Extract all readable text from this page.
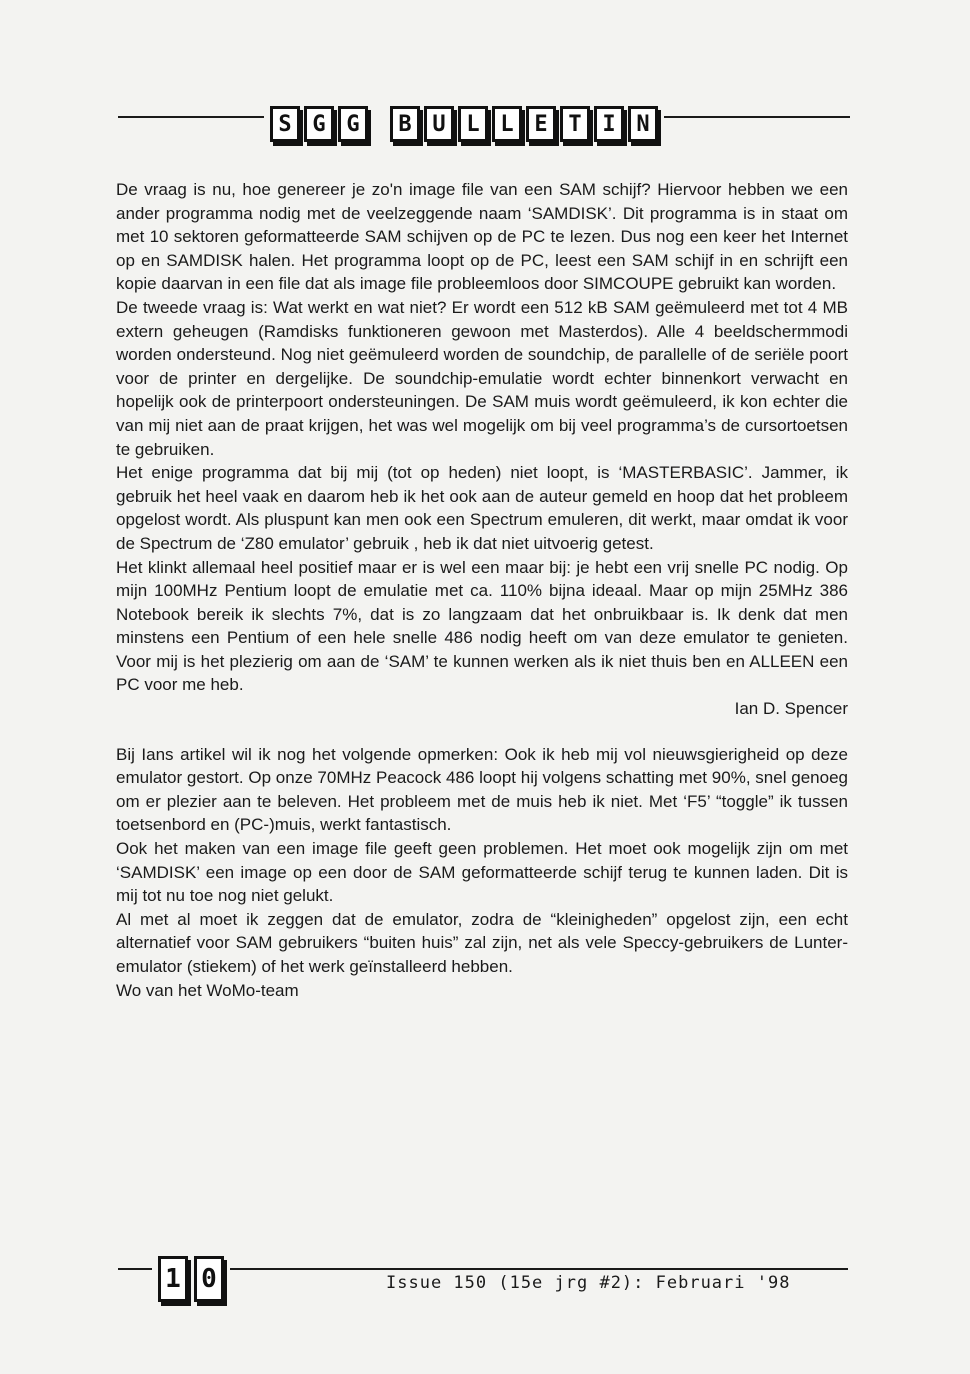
S G G	B U L L E T I N

De vraag is nu, hoe genereer je zo'n image file van een SAM schijf? Hiervoor hebben we een ander programma nodig met de veelzeggende naam ‘SAMDISK’. Dit programma is in staat om met 10 sektoren geformatteerde SAM schijven op de PC te lezen. Dus nog een keer het Internet op en SAMDISK halen. Het programma loopt op de PC, leest een SAM schijf in en schrijft een kopie daarvan in een file dat als image file probleemloos door SIMCOUPE gebruikt kan worden.

De tweede vraag is: Wat werkt en wat niet? Er wordt een 512 kB SAM geëmuleerd met tot 4 MB extern geheugen (Ramdisks funktioneren gewoon met Masterdos). Alle 4 beeldschermmodi worden ondersteund. Nog niet geëmuleerd worden de soundchip, de parallelle of de seriële poort voor de printer en dergelijke. De soundchip-emulatie wordt echter binnenkort verwacht en hopelijk ook de printerpoort ondersteuningen. De SAM muis wordt geëmuleerd, ik kon echter die van mij niet aan de praat krijgen, het was wel mogelijk om bij veel programma’s de cursortoetsen te gebruiken.

Het enige programma dat bij mij (tot op heden) niet loopt, is ‘MASTERBASIC’. Jammer, ik gebruik het heel vaak en daarom heb ik het ook aan de auteur gemeld en hoop dat het probleem opgelost wordt. Als pluspunt kan men ook een Spectrum emuleren, dit werkt, maar omdat ik voor de Spectrum de ‘Z80 emulator’ gebruik , heb ik dat niet uitvoerig getest.

Het klinkt allemaal heel positief maar er is wel een maar bij: je hebt een vrij snelle PC nodig. Op mijn 100MHz Pentium loopt de emulatie met ca. 110% bijna ideaal. Maar op mijn 25MHz 386 Notebook bereik ik slechts 7%, dat is zo langzaam dat het onbruikbaar is. Ik denk dat men minstens een Pentium of een hele snelle 486 nodig heeft om van deze emulator te genieten. Voor mij is het plezierig om aan de ‘SAM’ te kunnen werken als ik niet thuis ben en ALLEEN een PC voor me heb.

Ian D. Spencer

Bij Ians artikel wil ik nog het volgende opmerken: Ook ik heb mij vol nieuwsgierigheid op deze emulator gestort. Op onze 70MHz Peacock 486 loopt hij volgens schatting met 90%, snel genoeg om er plezier aan te beleven. Het probleem met de muis heb ik niet. Met ‘F5’ “toggle” ik tussen toetsenbord en (PC-)muis, werkt fantastisch.

Ook het maken van een image file geeft geen problemen. Het moet ook mogelijk zijn om met ‘SAMDISK’ een image op een door de SAM geformatteerde schijf terug te kunnen laden. Dit is mij tot nu toe nog niet gelukt.

Al met al moet ik zeggen dat de emulator, zodra de “kleinigheden” opgelost zijn, een echt alternatief voor SAM gebruikers “buiten huis” zal zijn, net als vele Speccy-gebruikers de Lunter-emulator (stiekem) of het werk geïnstalleerd hebben.

Wo van het WoMo-team

1 0	Issue 150 (15e jrg #2): Februari '98
